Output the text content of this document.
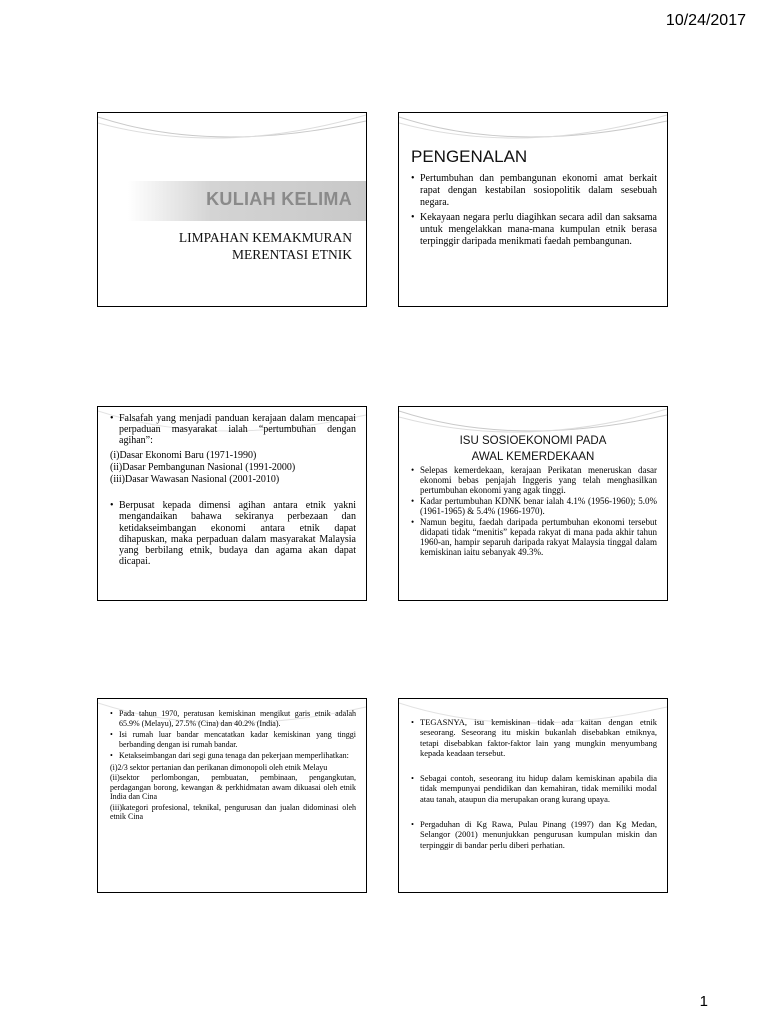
10/24/2017
KULIAH KELIMA
LIMPAHAN KEMAKMURAN
MERENTASI ETNIK
PENGENALAN
• Pertumbuhan dan pembangunan ekonomi amat berkait rapat dengan kestabilan sosiopolitik dalam sesebuah negara.
• Kekayaan negara perlu diagihkan secara adil dan saksama untuk mengelakkan mana-mana kumpulan etnik berasa terpinggir daripada menikmati faedah pembangunan.
• Falsafah yang menjadi panduan kerajaan dalam mencapai perpaduan masyarakat ialah “pertumbuhan dengan agihan”:
(i)Dasar Ekonomi Baru (1971-1990)
(ii)Dasar Pembangunan Nasional (1991-2000)
(iii)Dasar Wawasan Nasional (2001-2010)
• Berpusat kepada dimensi agihan antara etnik yakni mengandaikan bahawa sekiranya perbezaan dan ketidakseimbangan ekonomi antara etnik dapat dihapuskan, maka perpaduan dalam masyarakat Malaysia yang berbilang etnik, budaya dan agama akan dapat dicapai.
ISU SOSIOEKONOMI PADA
AWAL KEMERDEKAAN
• Selepas kemerdekaan, kerajaan Perikatan meneruskan dasar ekonomi bebas penjajah Inggeris yang telah menghasilkan pertumbuhan ekonomi yang agak tinggi.
• Kadar pertumbuhan KDNK benar ialah 4.1% (1956-1960); 5.0% (1961-1965) & 5.4% (1966-1970).
• Namun begitu, faedah daripada pertumbuhan ekonomi tersebut didapati tidak “menitis” kepada rakyat di mana pada akhir tahun 1960-an, hampir separuh daripada rakyat Malaysia tinggal dalam kemiskinan iaitu sebanyak 49.3%.
• Pada tahun 1970, peratusan kemiskinan mengikut garis etnik adalah 65.9% (Melayu), 27.5% (Cina) dan 40.2% (India).
• Isi rumah luar bandar mencatatkan kadar kemiskinan yang tinggi berbanding dengan isi rumah bandar.
• Ketakseimbangan dari segi guna tenaga dan pekerjaan memperlihatkan:
(i)2/3 sektor pertanian dan perikanan dimonopoli oleh etnik Melayu
(ii)sektor perlombongan, pembuatan, pembinaan, pengangkutan, perdagangan borong, kewangan & perkhidmatan awam dikuasai oleh etnik India dan Cina
(iii)kategori profesional, teknikal, pengurusan dan jualan didominasi oleh etnik Cina
• TEGASNYA, isu kemiskinan tidak ada kaitan dengan etnik seseorang. Seseorang itu miskin bukanlah disebabkan etniknya, tetapi disebabkan faktor-faktor lain yang mungkin menyumbang kepada keadaan tersebut.
• Sebagai contoh, seseorang itu hidup dalam kemiskinan apabila dia tidak mempunyai pendidikan dan kemahiran, tidak memiliki modal atau tanah, ataupun dia merupakan orang kurang upaya.
• Pergaduhan di Kg Rawa, Pulau Pinang (1997) dan Kg Medan, Selangor (2001) menunjukkan pengurusan kumpulan miskin dan terpinggir di bandar perlu diberi perhatian.
1
